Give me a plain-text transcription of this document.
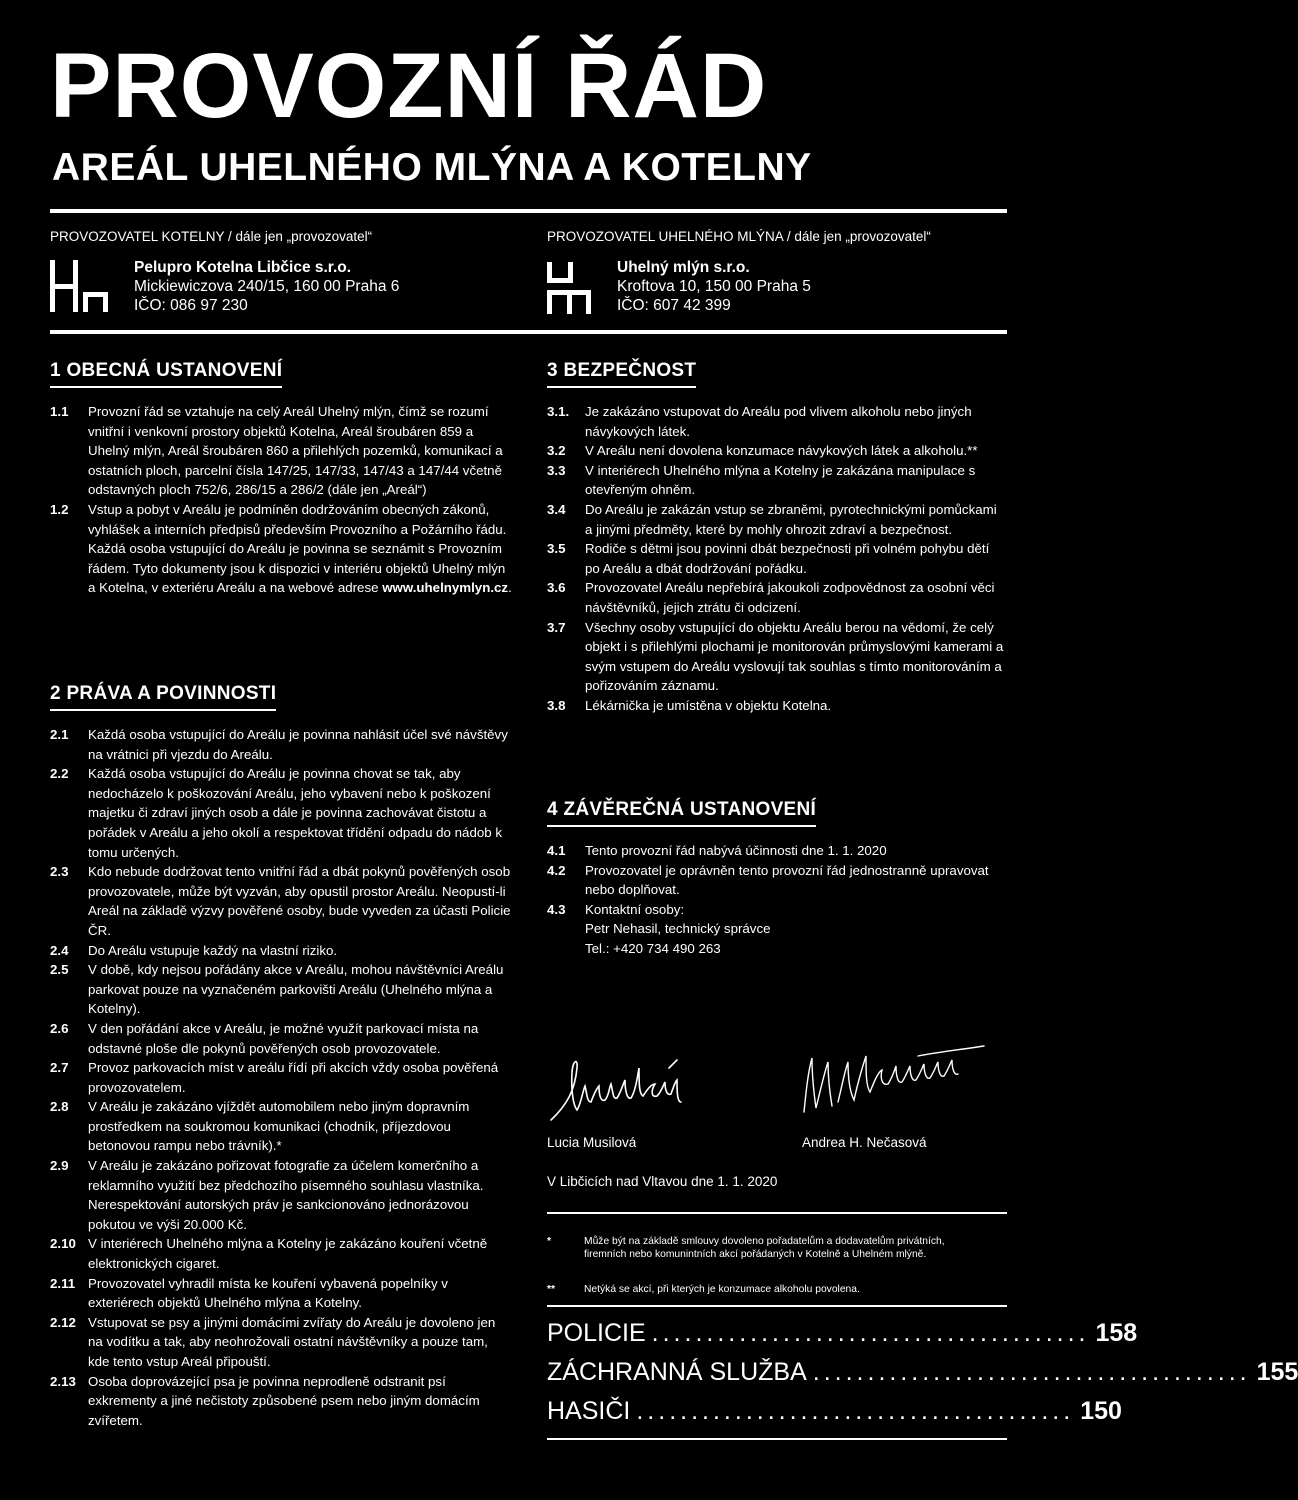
PROVOZNÍ ŘÁD
AREÁL UHELNÉHO MLÝNA A KOTELNY
PROVOZOVATEL KOTELNY / dále jen „provozovatel“
Pelupro Kotelna Libčice s.r.o.
Mickiewiczova 240/15, 160 00 Praha 6
IČO: 086 97 230
PROVOZOVATEL UHELNÉHO MLÝNA / dále jen „provozovatel“
Uhelný mlýn s.r.o.
Kroftova 10, 150 00 Praha 5
IČO: 607 42 399
1 OBECNÁ USTANOVENÍ
1.1	Provozní řád se vztahuje na celý Areál Uhelný mlýn, čímž se rozumí vnitřní i venkovní prostory objektů Kotelna, Areál šroubáren 859 a Uhelný mlýn, Areál šroubáren 860 a přilehlých pozemků, komunikací a ostatních ploch, parcelní čísla 147/25, 147/33, 147/43 a 147/44 včetně odstavných ploch 752/6, 286/15 a 286/2 (dále jen „Areál“)
1.2	Vstup a pobyt v Areálu je podmíněn dodržováním obecných zákonů, vyhlášek a interních předpisů především Provozního a Požárního řádu. Každá osoba vstupující do Areálu je povinna se seznámit s Provozním řádem. Tyto dokumenty jsou k dispozici v interiéru objektů Uhelný mlýn a Kotelna, v exteriéru Areálu a na webové adrese www.uhelnymlyn.cz.
2 PRÁVA A POVINNOSTI
2.1	Každá osoba vstupující do Areálu je povinna nahlásit účel své návštěvy na vrátnici při vjezdu do Areálu.
2.2	Každá osoba vstupující do Areálu je povinna chovat se tak, aby nedocházelo k poškozování Areálu, jeho vybavení nebo k poškození majetku či zdraví jiných osob a dále je povinna zachovávat čistotu a pořádek v Areálu a jeho okolí a respektovat třídění odpadu do nádob k tomu určených.
2.3	Kdo nebude dodržovat tento vnitřní řád a dbát pokynů pověřených osob provozovatele, může být vyzván, aby opustil prostor Areálu. Neopustí-li Areál na základě výzvy pověřené osoby, bude vyveden za účasti Policie ČR.
2.4	Do Areálu vstupuje každý na vlastní riziko.
2.5	V době, kdy nejsou pořádány akce v Areálu, mohou návštěvníci Areálu parkovat pouze na vyznačeném parkovišti Areálu (Uhelného mlýna a Kotelny).
2.6	V den pořádání akce v Areálu, je možné využít parkovací místa na odstavné ploše dle pokynů pověřených osob provozovatele.
2.7	Provoz parkovacích míst v areálu řídí při akcích vždy osoba pověřená provozovatelem.
2.8	V Areálu je zakázáno vjíždět automobilem nebo jiným dopravním prostředkem na soukromou komunikaci (chodník, příjezdovou betonovou rampu nebo trávník).*
2.9	V Areálu je zakázáno pořizovat fotografie za účelem komerčního a reklamního využití bez předchozího písemného souhlasu vlastníka. Nerespektování autorských práv je sankcionováno jednorázovou pokutou ve výši 20.000 Kč.
2.10 V interiérech Uhelného mlýna a Kotelny je zakázáno kouření včetně elektronických cigaret.
2.11 Provozovatel vyhradil místa ke kouření vybavená popelníky v exteriérech objektů Uhelného mlýna a Kotelny.
2.12 Vstupovat se psy a jinými domácími zvířaty do Areálu je dovoleno jen na vodítku a tak, aby neohrožovali ostatní návštěvníky a pouze tam, kde tento vstup Areál připouští.
2.13 Osoba doprovázející psa je povinna neprodleně odstranit psí exkrementy a jiné nečistoty způsobené psem nebo jiným domácím zvířetem.
3 BEZPEČNOST
3.1.	Je zakázáno vstupovat do Areálu pod vlivem alkoholu nebo jiných návykových látek.
3.2	V Areálu není dovolena konzumace návykových látek a alkoholu.**
3.3	V interiérech Uhelného mlýna a Kotelny je zakázána manipulace s otevřeným ohněm.
3.4	Do Areálu je zakázán vstup se zbraněmi, pyrotechnickými pomůckami a jinými předměty, které by mohly ohrozit zdraví a bezpečnost.
3.5	Rodiče s dětmi jsou povinni dbát bezpečnosti při volném pohybu dětí po Areálu a dbát dodržování pořádku.
3.6	Provozovatel Areálu nepřebírá jakoukoli zodpovědnost za osobní věci návštěvníků, jejich ztrátu či odcizení.
3.7	Všechny osoby vstupující do objektu Areálu berou na vědomí, že celý objekt i s přilehlými plochami je monitorován průmyslovými kamerami a svým vstupem do Areálu vyslovují tak souhlas s tímto monitorováním a pořizováním záznamu.
3.8	Lékárnička je umístěna v objektu Kotelna.
4 ZÁVĚREČNÁ USTANOVENÍ
4.1	Tento provozní řád nabývá účinnosti dne 1. 1. 2020
4.2	Provozovatel je oprávněn tento provozní řád jednostranně upravovat nebo doplňovat.
4.3	Kontaktní osoby:
Petr Nehasil, technický správce
Tel.: +420 734 490 263
Lucia Musilová	Andrea H. Nečasová
V Libčicích nad Vltavou dne 1. 1. 2020
*	Může být na základě smlouvy dovoleno pořadatelům a dodavatelům privátních, firemních nebo komunintních akcí pořádaných v Kotelně a Uhelném mlýně.
**	Netýká se akcí, při kterých je konzumace alkoholu povolena.
POLICIE ........................................ 158
ZÁCHRANNÁ SLUŽBA ........................................ 155
HASIČI ........................................ 150
